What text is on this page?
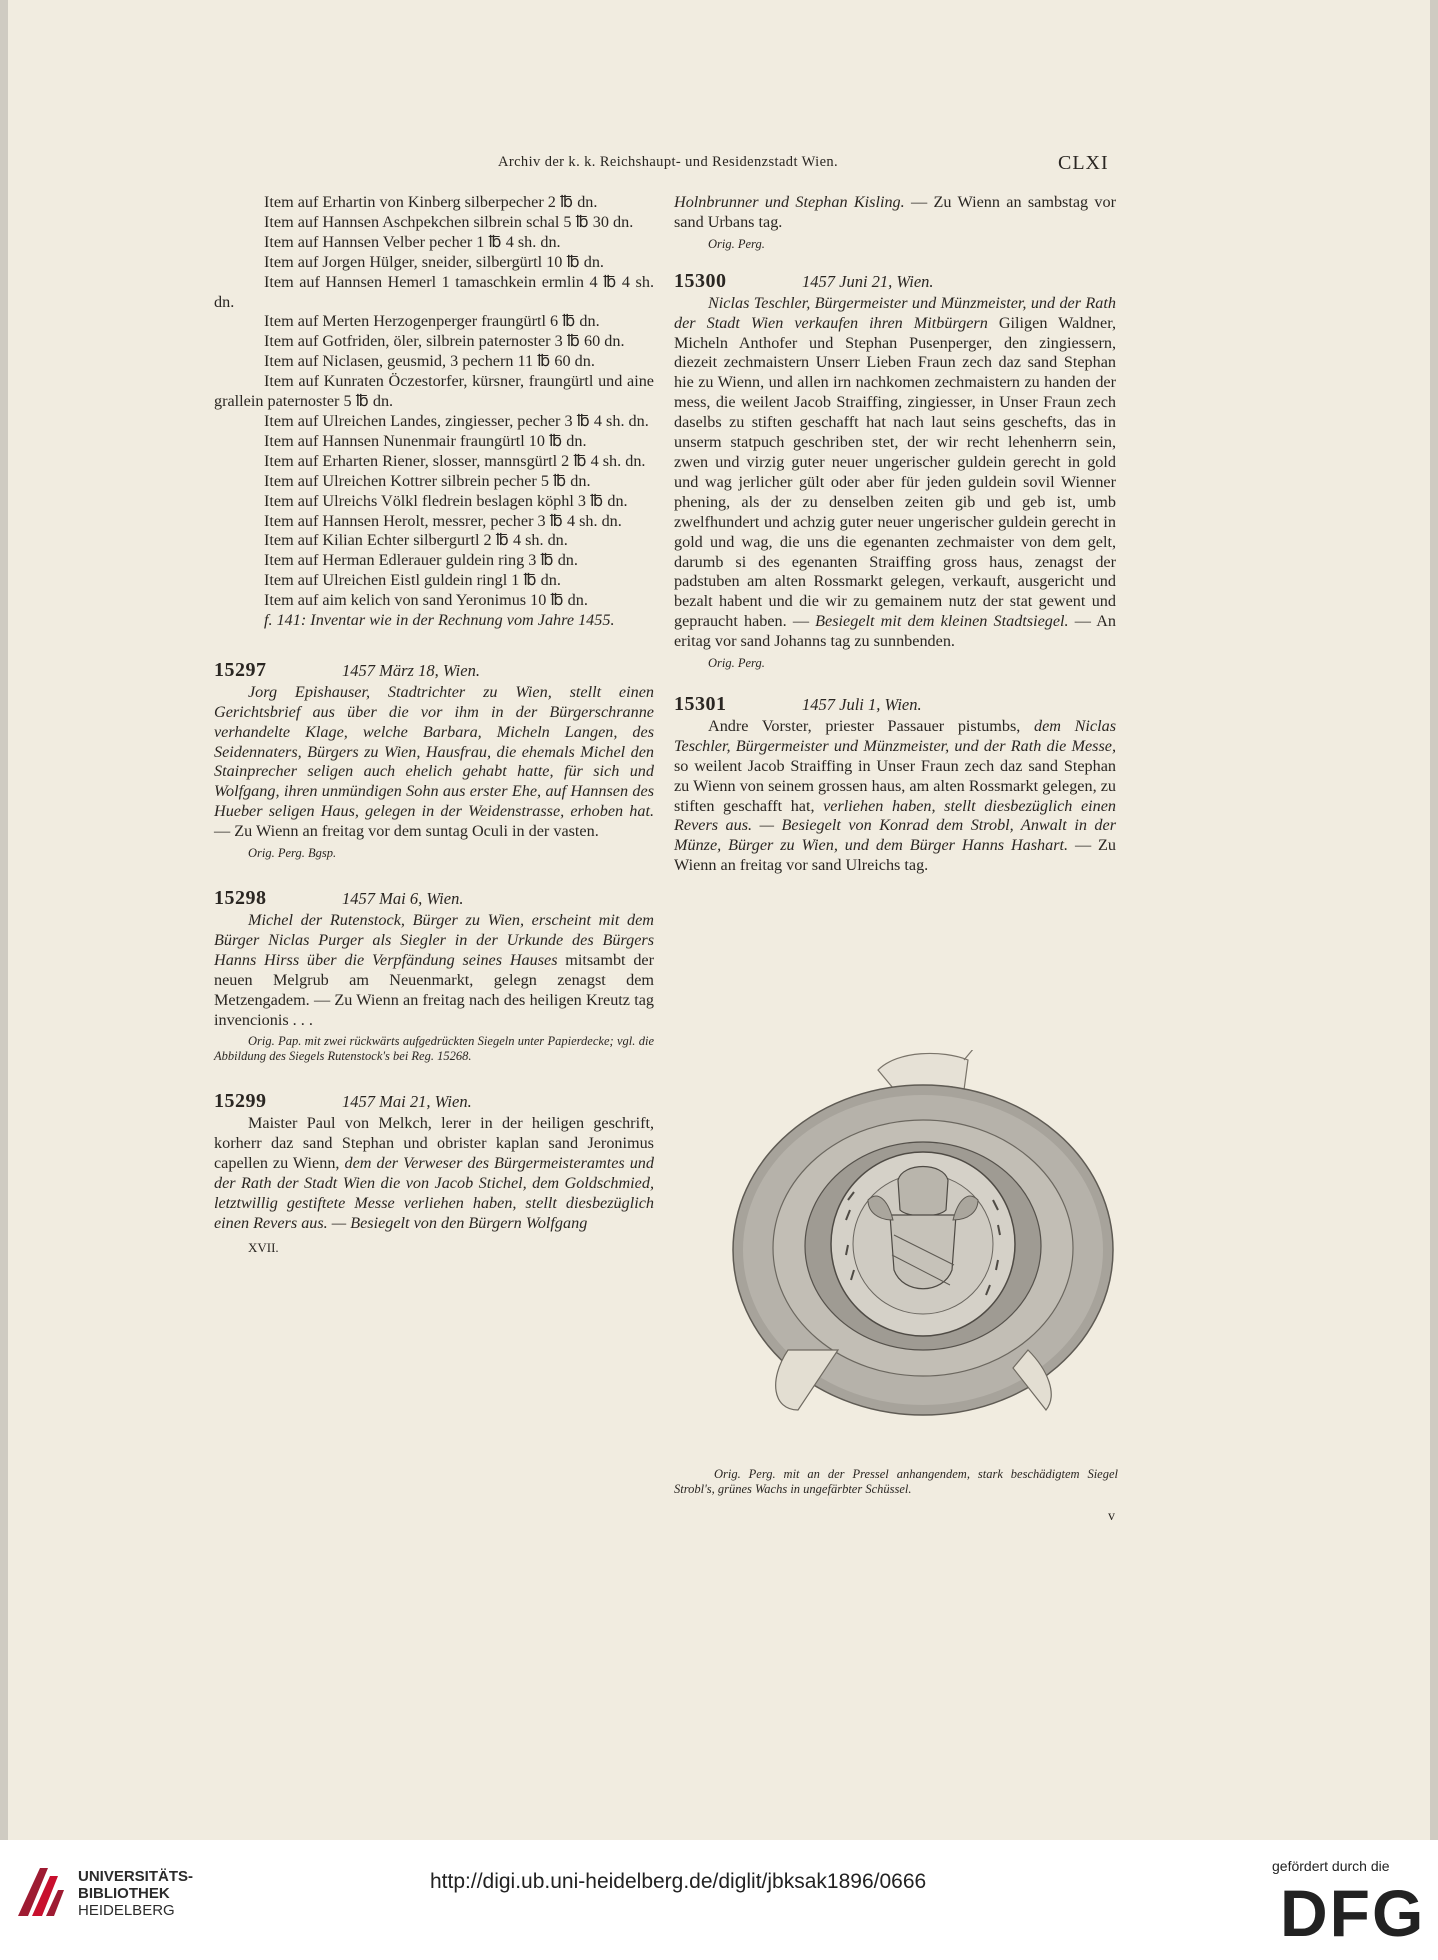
Archiv der k. k. Reichshaupt- und Residenzstadt Wien.	CLXI

Item auf Erhartin von Kinberg silberpecher 2 ℔ dn.

Item auf Hannsen Aschpekchen silbrein schal 5 ℔ 30 dn.

Item auf Hannsen Velber pecher 1 ℔ 4 sh. dn.

Item auf Jorgen Hülger, sneider, silbergürtl 10 ℔ dn.

Item auf Hannsen Hemerl 1 tamaschkein ermlin 4 ℔ 4 sh. dn.

Item auf Merten Herzogenperger fraungürtl 6 ℔ dn.

Item auf Gotfriden, öler, silbrein paternoster 3 ℔ 60 dn.

Item auf Niclasen, geusmid, 3 pechern 11 ℔ 60 dn.

Item auf Kunraten Öczestorfer, kürsner, fraungürtl und aine grallein paternoster 5 ℔ dn.

Item auf Ulreichen Landes, zingiesser, pecher 3 ℔ 4 sh. dn.

Item auf Hannsen Nunenmair fraungürtl 10 ℔ dn.

Item auf Erharten Riener, slosser, mannsgürtl 2 ℔ 4 sh. dn.

Item auf Ulreichen Kottrer silbrein pecher 5 ℔ dn.

Item auf Ulreichs Völkl fledrein beslagen köphl 3 ℔ dn.

Item auf Hannsen Herolt, messrer, pecher 3 ℔ 4 sh. dn.

Item auf Kilian Echter silbergurtl 2 ℔ 4 sh. dn.

Item auf Herman Edlerauer guldein ring 3 ℔ dn.

Item auf Ulreichen Eistl guldein ringl 1 ℔ dn.

Item auf aim kelich von sand Yeronimus 10 ℔ dn.

f. 141: Inventar wie in der Rechnung vom Jahre 1455.

15297	1457 März 18, Wien.

Jorg Epishauser, Stadtrichter zu Wien, stellt einen Gerichtsbrief aus über die vor ihm in der Bürgerschranne verhandelte Klage, welche Barbara, Micheln Langen, des Seidennaters, Bürgers zu Wien, Hausfrau, die ehemals Michel den Stainprecher seligen auch ehelich gehabt hatte, für sich und Wolfgang, ihren unmündigen Sohn aus erster Ehe, auf Hannsen des Hueber seligen Haus, gelegen in der Weidenstrasse, erhoben hat. — Zu Wienn an freitag vor dem suntag Oculi in der vasten.

Orig. Perg. Bgsp.

15298	1457 Mai 6, Wien.

Michel der Rutenstock, Bürger zu Wien, erscheint mit dem Bürger Niclas Purger als Siegler in der Urkunde des Bürgers Hanns Hirss über die Verpfändung seines Hauses mitsambt der neuen Melgrub am Neuenmarkt, gelegn zenagst dem Metzengadem. — Zu Wienn an freitag nach des heiligen Kreutz tag invencionis . . .

Orig. Pap. mit zwei rückwärts aufgedrückten Siegeln unter Papierdecke; vgl. die Abbildung des Siegels Rutenstock's bei Reg. 15268.

15299	1457 Mai 21, Wien.

Maister Paul von Melkch, lerer in der heiligen geschrift, korherr daz sand Stephan und obrister kaplan sand Jeronimus capellen zu Wienn, dem der Verweser des Bürgermeisteramtes und der Rath der Stadt Wien die von Jacob Stichel, dem Goldschmied, letztwillig gestiftete Messe verliehen haben, stellt diesbezüglich einen Revers aus. — Besiegelt von den Bürgern Wolfgang

XVII.

Holnbrunner und Stephan Kisling. — Zu Wienn an sambstag vor sand Urbans tag.

Orig. Perg.

15300	1457 Juni 21, Wien.

Niclas Teschler, Bürgermeister und Münzmeister, und der Rath der Stadt Wien verkaufen ihren Mitbürgern Giligen Waldner, Micheln Anthofer und Stephan Pusenperger, den zingiessern, diezeit zechmaistern Unserr Lieben Fraun zech daz sand Stephan hie zu Wienn, und allen irn nachkomen zechmaistern zu handen der mess, die weilent Jacob Straiffing, zingiesser, in Unser Fraun zech daselbs zu stiften geschafft hat nach laut seins geschefts, das in unserm statpuch geschriben stet, der wir recht lehenherrn sein, zwen und virzig guter neuer ungerischer guldein gerecht in gold und wag jerlicher gült oder aber für jeden guldein sovil Wienner phening, als der zu denselben zeiten gib und geb ist, umb zwelfhundert und achzig guter neuer ungerischer guldein gerecht in gold und wag, die uns die egenanten zechmaister von dem gelt, darumb si des egenanten Straiffing gross haus, zenagst der padstuben am alten Rossmarkt gelegen, verkauft, ausgericht und bezalt habent und die wir zu gemainem nutz der stat gewent und gepraucht haben. — Besiegelt mit dem kleinen Stadtsiegel. — An eritag vor sand Johanns tag zu sunnbenden.

Orig. Perg.

15301	1457 Juli 1, Wien.

Andre Vorster, priester Passauer pistumbs, dem Niclas Teschler, Bürgermeister und Münzmeister, und der Rath die Messe, so weilent Jacob Straiffing in Unser Fraun zech daz sand Stephan zu Wienn von seinem grossen haus, am alten Rossmarkt gelegen, zu stiften geschafft hat, verliehen haben, stellt diesbezüglich einen Revers aus. — Besiegelt von Konrad dem Strobl, Anwalt in der Münze, Bürger zu Wien, und dem Bürger Hanns Hashart. — Zu Wienn an freitag vor sand Ulreichs tag.

Orig. Perg. mit an der Pressel anhangendem, stark beschädigtem Siegel Strobl's, grünes Wachs in ungefärbter Schüssel.

v
UNIVERSITÄTS-
BIBLIOTHEK
HEIDELBERG
http://digi.ub.uni-heidelberg.de/diglit/jbksak1896/0666
gefördert durch die
DFG
